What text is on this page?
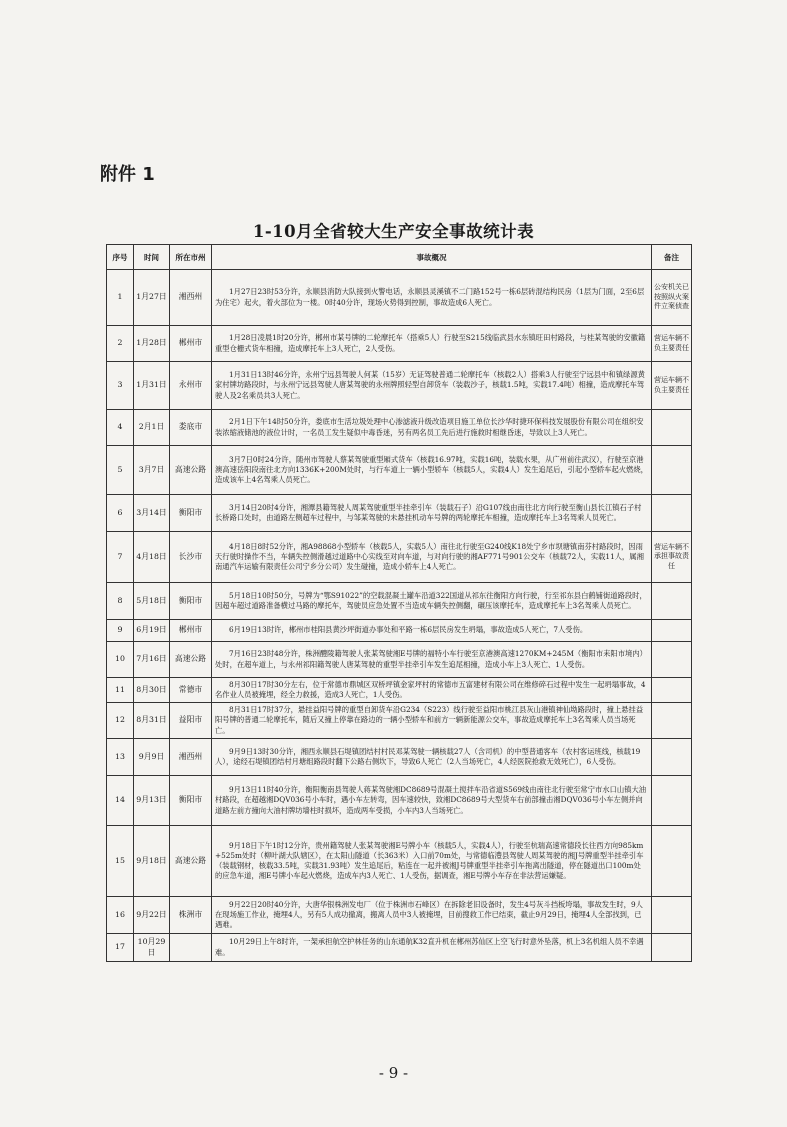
附件 1
1-10月全省较大生产安全事故统计表
序号	时间	所在市州	事故概况	备注
1	1月27日	湘西州	1月27日23时53分许，永顺县消防大队接到火警电话，永顺县灵溪镇不二门路152号一栋6层砖混结构民房（1层为门面，2至6层为住宅）起火，着火部位为一楼。0时40分许，现场火势得到控制，事故造成6人死亡。	公安机关已按照纵火案件立案侦查
2	1月28日	郴州市	1月28日凌晨1时20分许，郴州市某号牌的二轮摩托车（搭乘5人）行驶至S215线临武县水东镇旺田村路段，与桂某驾驶的安徽籍重型仓栅式货车相撞，造成摩托车上3人死亡，2人受伤。	营运车辆不负主要责任
3	1月31日	永州市	1月31日13时46分许，永州宁远县驾驶人何某（15岁）无证驾驶普通二轮摩托车（核载2人）搭乘3人行驶至宁远县中和镇绿源黄家村牌坊路段时，与永州宁远县驾驶人唐某驾驶的永州牌照轻型自卸货车（装载沙子，核载1.5吨，实载17.4吨）相撞，造成摩托车驾驶人及2名乘员共3人死亡。	营运车辆不负主要责任
4	2月1日	娄底市	2月1日下午14时50分许，娄底市生活垃圾处理中心渗滤液升级改造项目施工单位长沙华时捷环保科技发展股份有限公司在组织安装浓缩液储池的液位计时，一名员工发生疑似中毒昏迷，另有两名员工先后进行施救时相继昏迷，导致以上3人死亡。	
5	3月7日	高速公路	3月7日0时24分许，随州市驾驶人蔡某驾驶重型厢式货车（核载16.97吨，实载16吨，装载水果，从广州前往武汉），行驶至京港澳高速岳阳段南往北方向1336K+200M处时，与行车道上一辆小型轿车（核载5人，实载4人）发生追尾后，引起小型轿车起火燃烧，造成该车上4名驾乘人员死亡。	
6	3月14日	衡阳市	3月14日20时4分许，湘潭县籍驾驶人周某驾驶重型半挂牵引车（装载石子）沿G107线由南往北方向行驶至衡山县长江镇石子村长桥路口处时，由道路左侧超车过程中，与邹某驾驶的未悬挂机动车号牌的两轮摩托车相撞，造成摩托车上3名驾乘人员死亡。	
7	4月18日	长沙市	4月18日8时52分许，湘A98868小型轿车（核载5人，实载5人）南往北行驶至G240线K18处宁乡市坝塘镇南芬村路段时，因雨天行驶时操作不当，车辆失控侧滑越过道路中心实线至对向车道，与对向行驶的湘AF771号901公交车（核载72人，实载11人，属湘南通汽车运输有限责任公司宁乡分公司）发生碰撞，造成小轿车上4人死亡。	营运车辆不承担事故责任
8	5月18日	衡阳市	5月18日10时50分，号牌为“鄂S91022”的空载混凝土罐车沿道322国道从祁东往衡阳方向行驶，行至祁东县白鹤铺街道路段时，因超车超过道路准备横过马路的摩托车，驾驶员应急处置不当造成车辆失控侧翻，碾压该摩托车，造成摩托车上3名驾乘人员死亡。	
9	6月19日	郴州市	6月19日13时许，郴州市桂阳县黄沙坪街道办事处和平路一栋6层民房发生坍塌，事故造成5人死亡，7人受伤。	
10	7月16日	高速公路	7月16日23时48分许，株洲醴陵籍驾驶人张某驾驶湘E号牌的福特小车行驶至京港澳高速1270KM+245M（衡阳市耒阳市境内）处时，在超车道上，与永州祁阳籍驾驶人唐某驾驶的重型半挂牵引车发生追尾相撞，造成小车上3人死亡、1人受伤。	
11	8月30日	常德市	8月30日17时30分左右，位于常德市鼎城区双桥坪镇金家坪村的常德市五富建材有限公司在维修碎石过程中发生一起坍塌事故，4名作业人员被掩埋，经全力救援，造成3人死亡，1人受伤。	
12	8月31日	益阳市	8月31日17时37分，悬挂益阳号牌的重型自卸货车沿G234（S223）线行驶至益阳市桃江县灰山港镇神仙坳路段时，撞上悬挂益阳号牌的普通二轮摩托车，随后又撞上停靠在路边的一辆小型轿车和前方一辆新能源公交车，事故造成摩托车上3名驾乘人员当场死亡。	
13	9月9日	湘西州	9月9日13时30分许，湘西永顺县石堤镇团结村村民邓某驾驶一辆核载27人（含司机）的中型普通客车（农村客运班线，核载19人），途经石堤镇团结村月塘组路段时翻下公路右侧坎下，导致6人死亡（2人当场死亡，4人经医院抢救无效死亡），6人受伤。	
14	9月13日	衡阳市	9月13日11时40分许，衡阳衡南县驾驶人蒋某驾驶湘DC8689号混凝土搅拌车沿省道S569线由南往北行驶至常宁市水口山镇大油村路段，在超越湘DQV036号小车时，遇小车左转弯，因车速较快，致湘DC8689号大型货车右前部撞击湘DQV036号小车左侧并向道路左前方撞向大油村牌坊墙柱时损坏，造成两车受损，小车内3人当场死亡。	
15	9月18日	高速公路	9月18日下午1时12分许，贵州籍驾驶人张某驾驶湘E号牌小车（核载5人，实载4人），行驶至杭瑞高速常德段长往西方向985km+525m处时（柳叶湖大队辖区），在太阳山隧道（长363米）入口前70m处，与常德临澧县驾驶人周某驾驶的湘J号牌重型半挂牵引车（装载钢材，核载33.5吨，实载31.93吨）发生追尾后，粘连在一起并被湘J号牌重型半挂牵引车拖离出隧道，停在隧道出口100m处的应急车道，湘E号牌小车起火燃烧，造成车内3人死亡、1人受伤，据调查，湘E号牌小车存在非法营运嫌疑。	
16	9月22日	株洲市	9月22日20时40分许，大唐华银株洲发电厂（位于株洲市石峰区）在拆除老旧设备时，发生4号灰斗挡板垮塌，事故发生时，9人在现场施工作业，掩埋4人，另有5人成功撤离，搬离人员中3人被掩埋，目前搜救工作已结束，截止9月29日，掩埋4人全部找到，已遇难。	
17	10月29日		10月29日上午8时许，一架承担航空护林任务的山东通航K32直升机在郴州苏仙区上空飞行时意外坠落，机上3名机组人员不幸遇难。	
- 9 -
